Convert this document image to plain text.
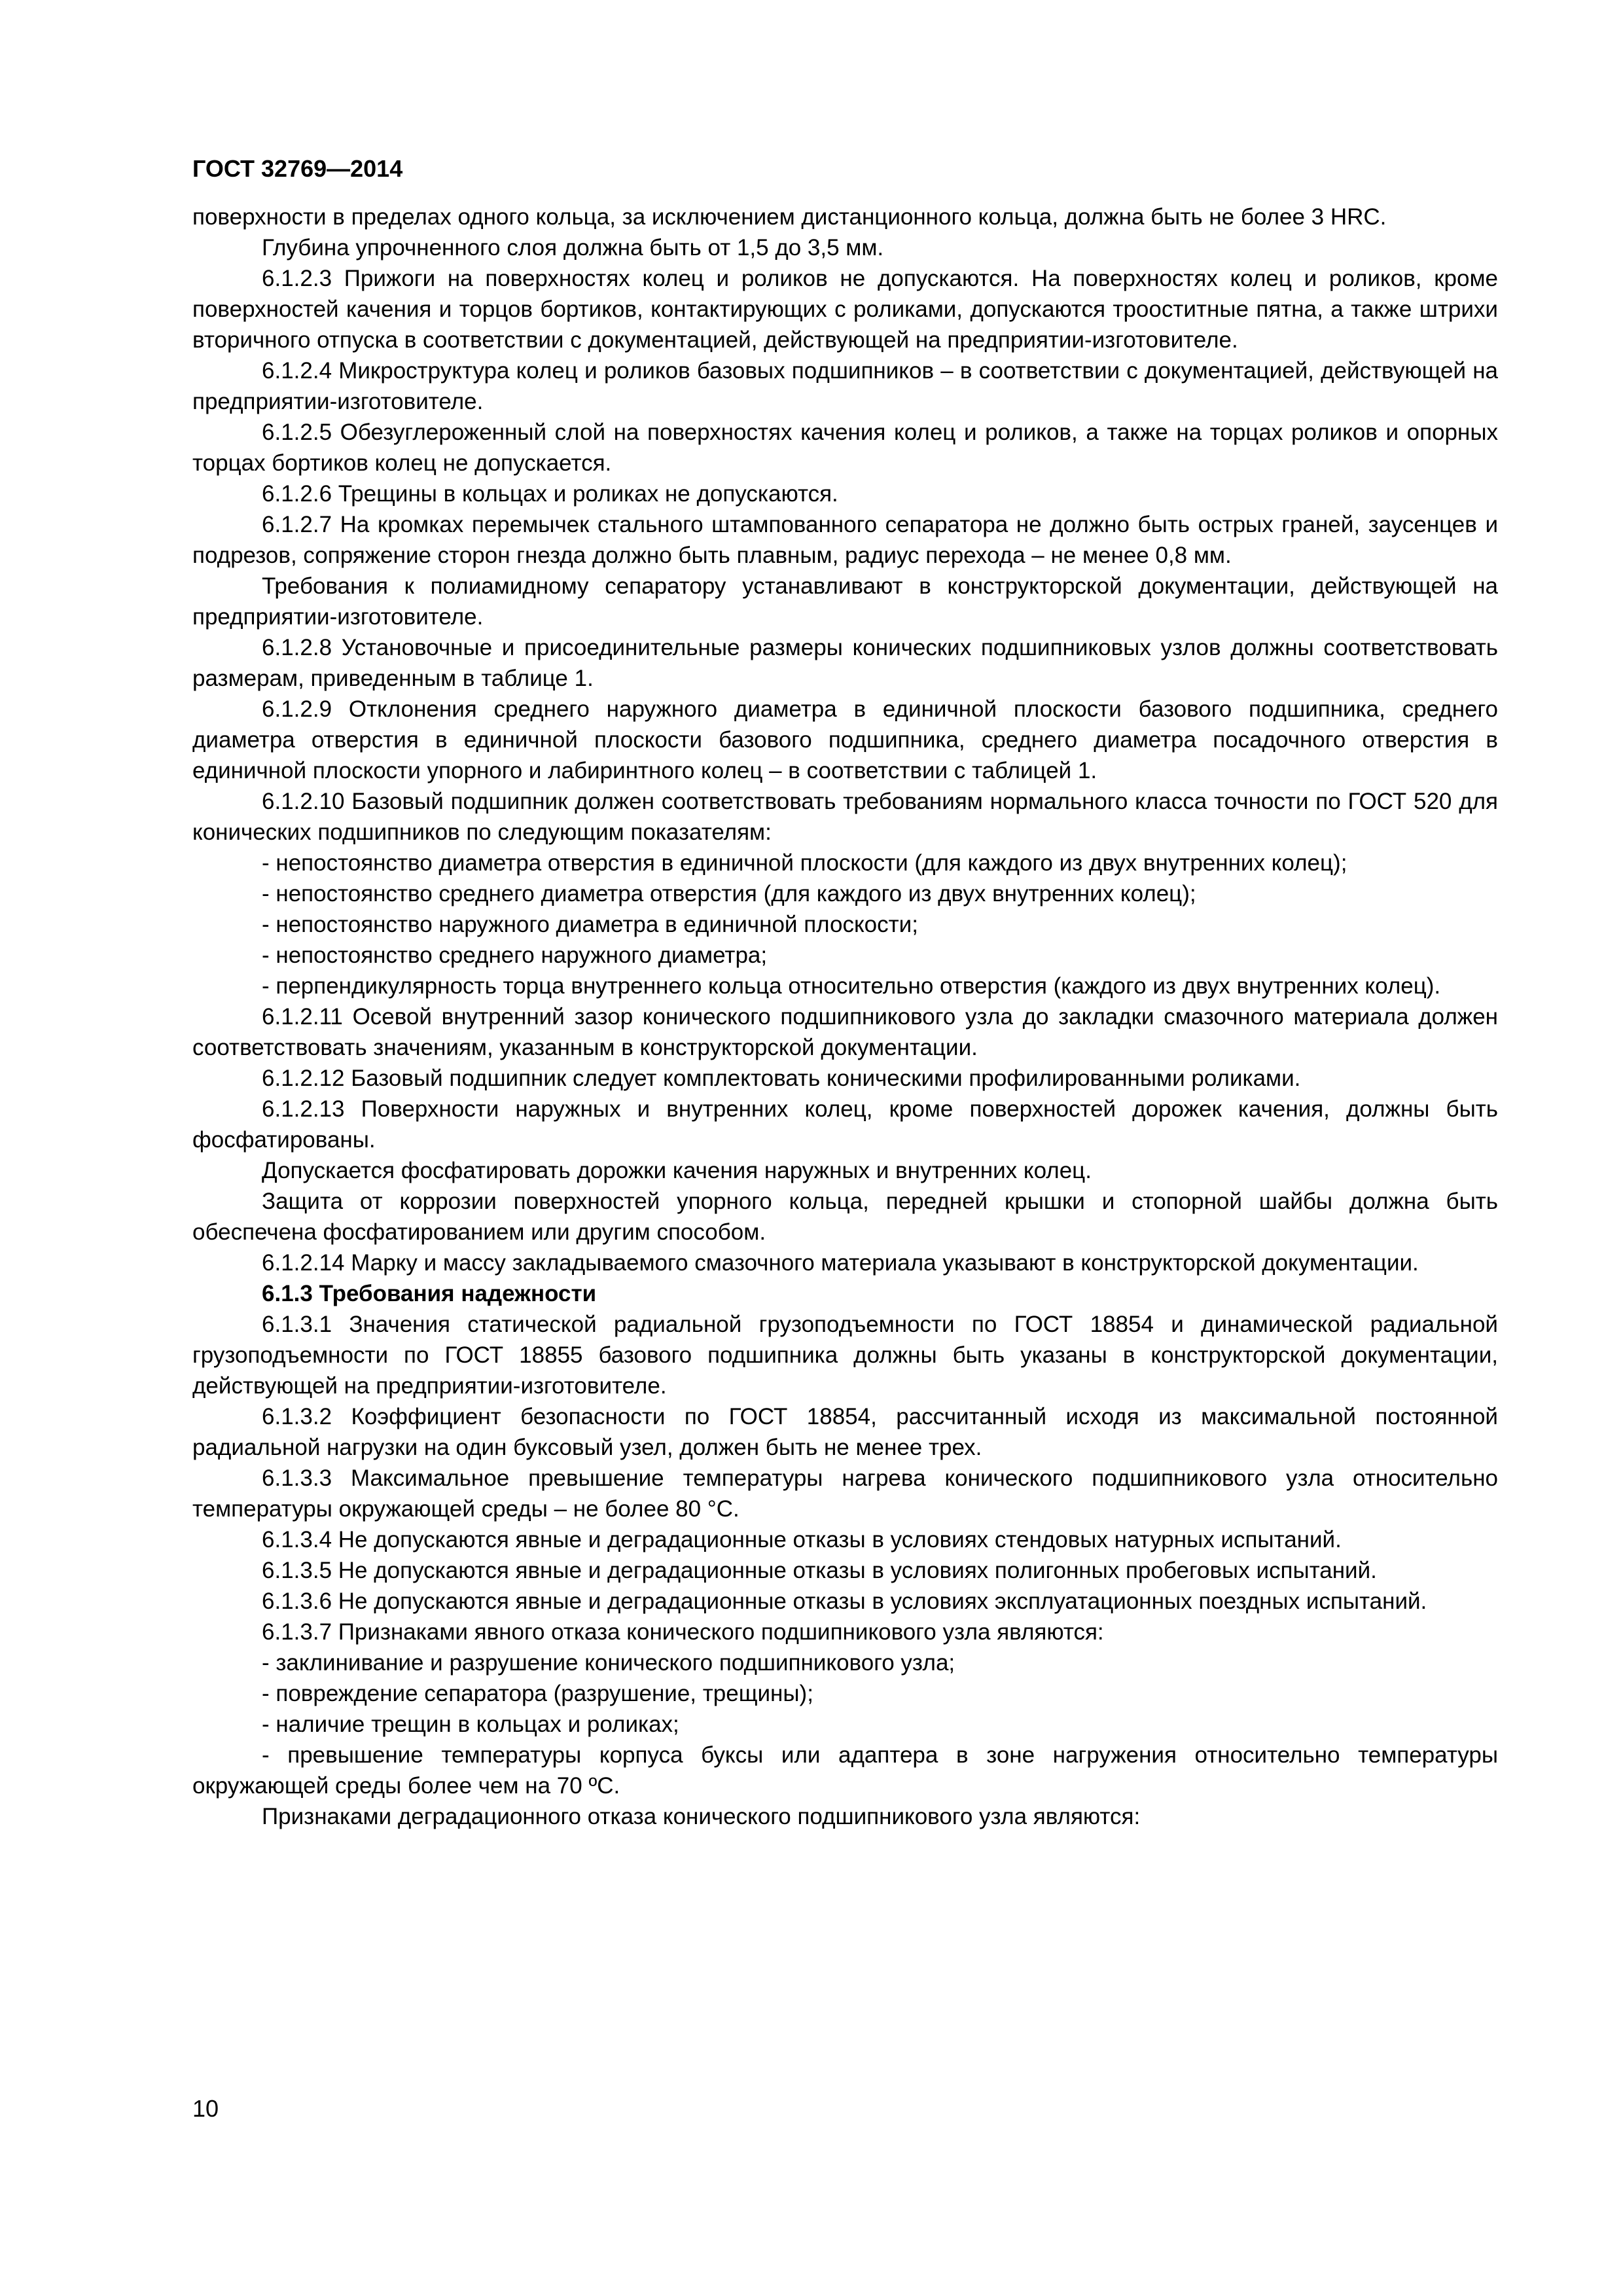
ГОСТ 32769—2014

поверхности в пределах одного кольца, за исключением дистанционного кольца, должна быть не более 3 HRC.

Глубина упрочненного слоя должна быть от 1,5 до 3,5 мм.

6.1.2.3 Прижоги на поверхностях колец и роликов не допускаются. На поверхностях колец и роликов, кроме поверхностей качения и торцов бортиков, контактирующих с роликами, допускаются трооститные пятна, а также штрихи вторичного отпуска в соответствии с документацией, действующей на предприятии-изготовителе.

6.1.2.4 Микроструктура колец и роликов базовых подшипников – в соответствии с документацией, действующей на предприятии-изготовителе.

6.1.2.5 Обезуглероженный слой на поверхностях качения колец и роликов, а также на торцах роликов и опорных торцах бортиков колец не допускается.

6.1.2.6 Трещины в кольцах и роликах не допускаются.

6.1.2.7 На кромках перемычек стального штампованного сепаратора не должно быть острых граней, заусенцев и подрезов, сопряжение сторон гнезда должно быть плавным, радиус перехода – не менее 0,8 мм.

Требования к полиамидному сепаратору устанавливают в конструкторской документации, действующей на предприятии-изготовителе.

6.1.2.8 Установочные и присоединительные размеры конических подшипниковых узлов должны соответствовать размерам, приведенным в таблице 1.

6.1.2.9 Отклонения среднего наружного диаметра в единичной плоскости базового подшипника, среднего диаметра отверстия в единичной плоскости базового подшипника, среднего диаметра посадочного отверстия в единичной плоскости упорного и лабиринтного колец – в соответствии с таблицей 1.

6.1.2.10 Базовый подшипник должен соответствовать требованиям нормального класса точности по ГОСТ 520 для конических подшипников по следующим показателям:

- непостоянство диаметра отверстия в единичной плоскости (для каждого из двух внутренних колец);

- непостоянство среднего диаметра отверстия (для каждого из двух внутренних колец);

- непостоянство наружного диаметра в единичной плоскости;

- непостоянство среднего наружного диаметра;

- перпендикулярность торца внутреннего кольца относительно отверстия (каждого из двух внутренних колец).

6.1.2.11 Осевой внутренний зазор конического подшипникового узла до закладки смазочного материала должен соответствовать значениям, указанным в конструкторской документации.

6.1.2.12 Базовый подшипник следует комплектовать коническими профилированными роликами.

6.1.2.13 Поверхности наружных и внутренних колец, кроме поверхностей дорожек качения, должны быть фосфатированы.

Допускается фосфатировать дорожки качения наружных и внутренних колец.

Защита от коррозии поверхностей упорного кольца, передней крышки и стопорной шайбы должна быть обеспечена фосфатированием или другим способом.

6.1.2.14 Марку и массу закладываемого смазочного материала указывают в конструкторской документации.

6.1.3 Требования надежности

6.1.3.1 Значения статической радиальной грузоподъемности по ГОСТ 18854 и динамической радиальной грузоподъемности по ГОСТ 18855 базового подшипника должны быть указаны в конструкторской документации, действующей на предприятии-изготовителе.

6.1.3.2 Коэффициент безопасности по ГОСТ 18854, рассчитанный исходя из максимальной постоянной радиальной нагрузки на один буксовый узел, должен быть не менее трех.

6.1.3.3 Максимальное превышение температуры нагрева конического подшипникового узла относительно температуры окружающей среды – не более 80 °С.

6.1.3.4 Не допускаются явные и деградационные отказы в условиях стендовых натурных испытаний.

6.1.3.5 Не допускаются явные и деградационные отказы в условиях полигонных пробеговых испытаний.

6.1.3.6 Не допускаются явные и деградационные отказы в условиях эксплуатационных поездных испытаний.

6.1.3.7 Признаками явного отказа конического подшипникового узла являются:

- заклинивание и разрушение конического подшипникового узла;

- повреждение сепаратора (разрушение, трещины);

- наличие трещин в кольцах и роликах;

- превышение температуры корпуса буксы или адаптера в зоне нагружения относительно температуры окружающей среды более чем на 70 ºС.

Признаками деградационного отказа конического подшипникового узла являются:

10
